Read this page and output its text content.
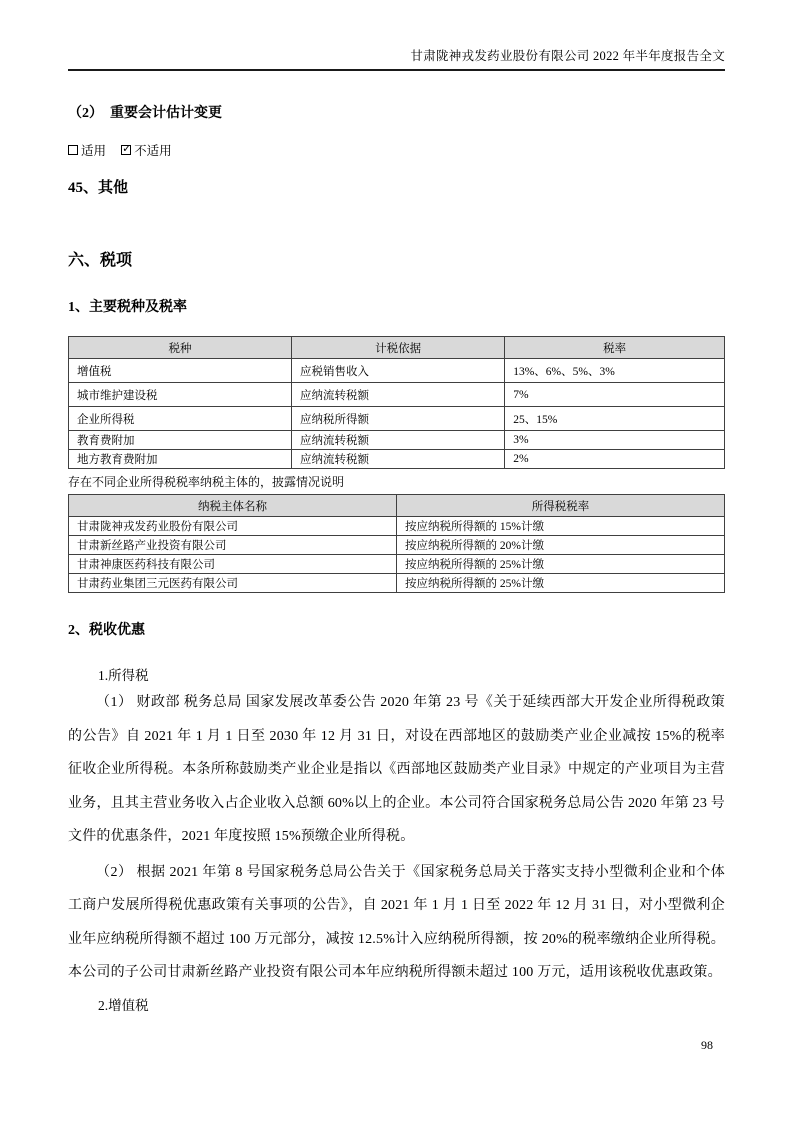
甘肃陇神戎发药业股份有限公司 2022 年半年度报告全文
（2）　重要会计估计变更
适用
✓ 不适用
45、其他
六、税项
1、主要税种及税率
税种	计税依据	税率
增值税	应税销售收入	13%、6%、5%、3%
城市维护建设税	应纳流转税额	7%
企业所得税	应纳税所得额	25、15%
教育费附加	应纳流转税额	3%
地方教育费附加	应纳流转税额	2%
存在不同企业所得税税率纳税主体的，披露情况说明
纳税主体名称	所得税税率
甘肃陇神戎发药业股份有限公司	按应纳税所得额的 15%计缴
甘肃新丝路产业投资有限公司	按应纳税所得额的 20%计缴
甘肃神康医药科技有限公司	按应纳税所得额的 25%计缴
甘肃药业集团三元医药有限公司	按应纳税所得额的 25%计缴
2、税收优惠
1.所得税
（1） 财政部 税务总局 国家发展改革委公告 2020 年第 23 号《关于延续西部大开发企业所得税政策的公告》自 2021 年 1 月 1 日至 2030 年 12 月 31 日，对设在西部地区的鼓励类产业企业减按 15%的税率征收企业所得税。本条所称鼓励类产业企业是指以《西部地区鼓励类产业目录》中规定的产业项目为主营业务，且其主营业务收入占企业收入总额 60%以上的企业。本公司符合国家税务总局公告 2020 年第 23 号文件的优惠条件，2021 年度按照 15%预缴企业所得税。
（2） 根据 2021 年第 8 号国家税务总局公告关于《国家税务总局关于落实支持小型微利企业和个体工商户发展所得税优惠政策有关事项的公告》，自 2021 年 1 月 1 日至 2022 年 12 月 31 日，对小型微利企业年应纳税所得额不超过 100 万元部分，减按 12.5%计入应纳税所得额，按 20%的税率缴纳企业所得税。本公司的子公司甘肃新丝路产业投资有限公司本年应纳税所得额未超过 100 万元，适用该税收优惠政策。
2.增值税
98
